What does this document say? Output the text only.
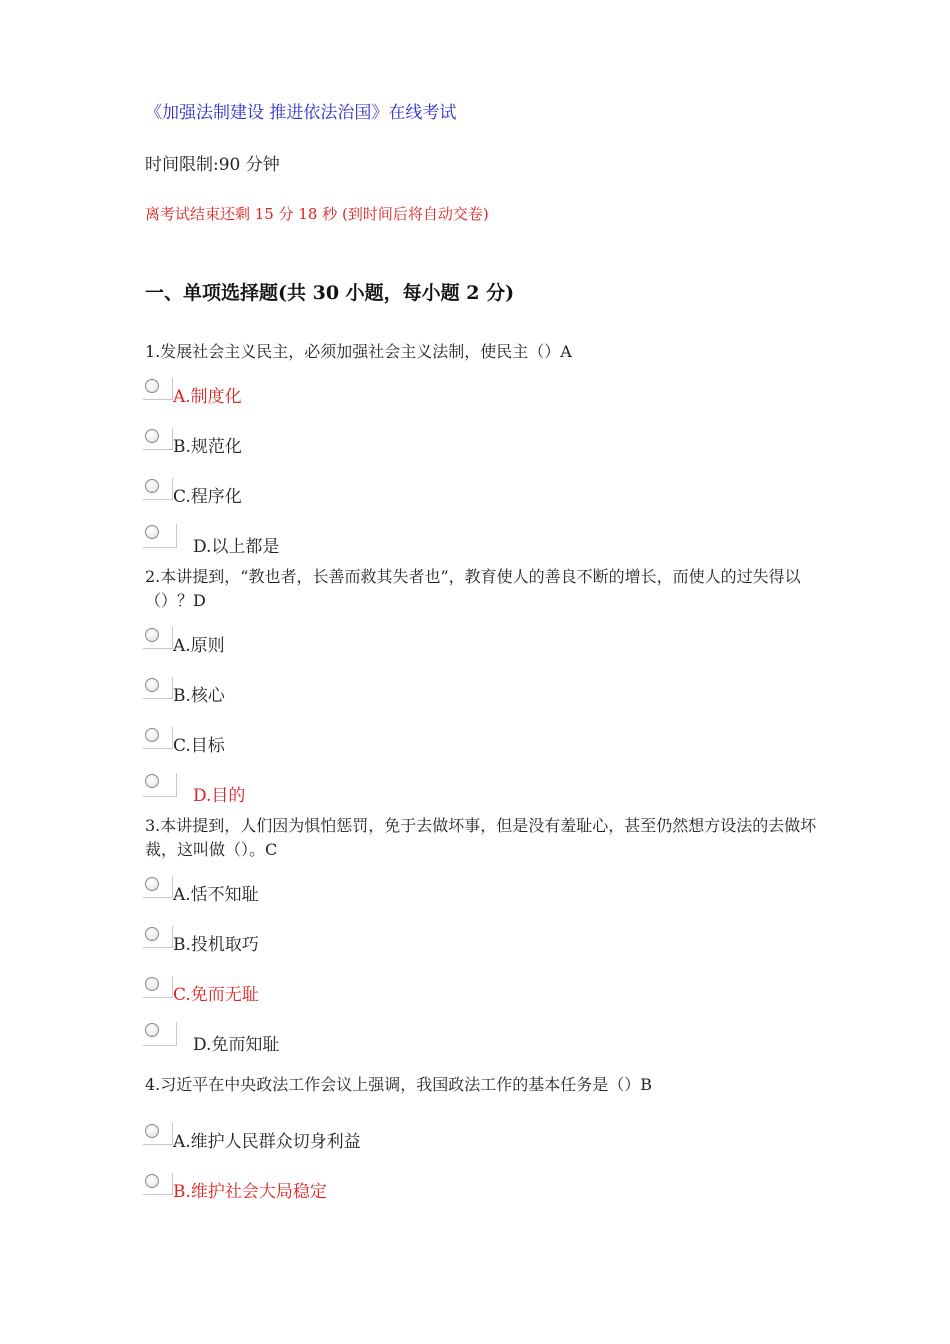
《加强法制建设 推进依法治国》在线考试
时间限制:90 分钟
离考试结束还剩 15 分 18 秒 (到时间后将自动交卷)
一、单项选择题(共 30 小题，每小题 2 分)
1.发展社会主义民主，必须加强社会主义法制，使民主（）A
A.制度化
B.规范化
C.程序化
D.以上都是
2.本讲提到，“教也者，长善而救其失者也”，教育使人的善良不断的增长，而使人的过失得以
（）？D
A.原则
B.核心
C.目标
D.目的
3.本讲提到，人们因为惧怕惩罚，免于去做坏事，但是没有羞耻心，甚至仍然想方设法的去做坏
裁，这叫做（）。C
A.恬不知耻
B.投机取巧
C.免而无耻
D.免而知耻
4.习近平在中央政法工作会议上强调，我国政法工作的基本任务是（）B
A.维护人民群众切身利益
B.维护社会大局稳定
